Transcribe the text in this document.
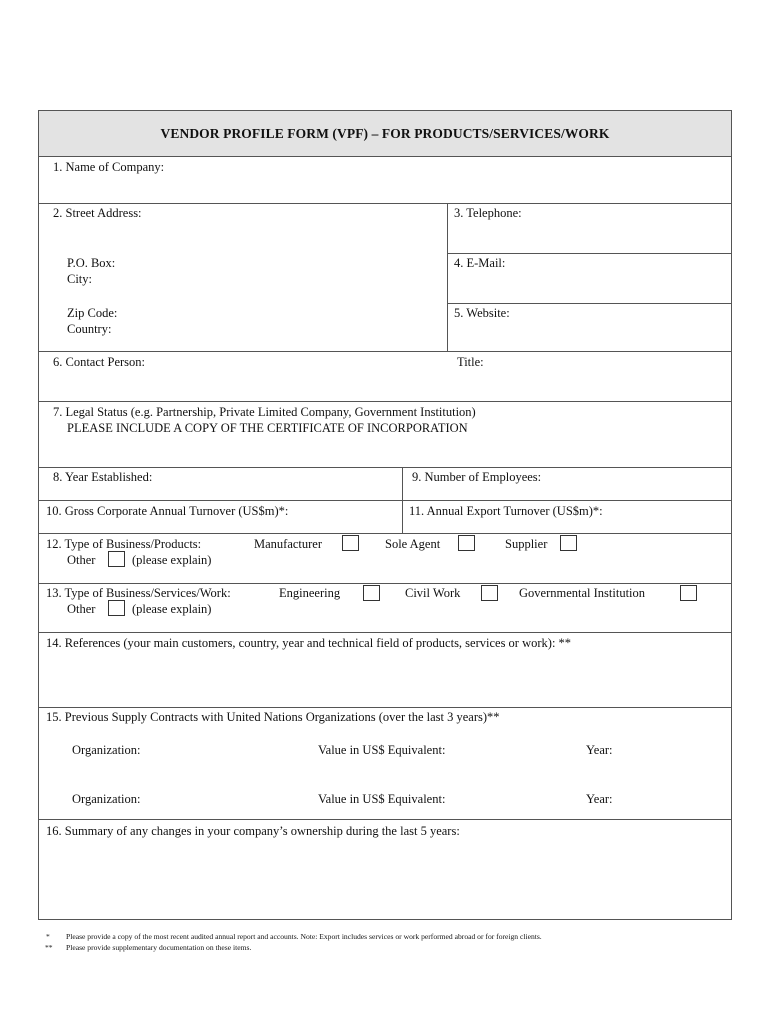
VENDOR PROFILE FORM (VPF) – FOR PRODUCTS/SERVICES/WORK
1. Name of Company:
2. Street Address:	3. Telephone:
P.O. Box:
City:
4. E-Mail:
Zip Code:
Country:
5. Website:
6. Contact Person:	Title:
7. Legal Status (e.g. Partnership, Private Limited Company, Government Institution)
PLEASE INCLUDE A COPY OF THE CERTIFICATE OF INCORPORATION
8. Year Established:	9. Number of Employees:
10. Gross Corporate Annual Turnover (US$m)*:	11. Annual Export Turnover (US$m)*:
12. Type of Business/Products:	Manufacturer	Sole Agent	Supplier
Other	(please explain)
13. Type of Business/Services/Work:	Engineering	Civil Work	Governmental Institution
Other	(please explain)
14. References (your main customers, country, year and technical field of products, services or work): **
15. Previous Supply Contracts with United Nations Organizations (over the last 3 years)**
Organization:	Value in US$ Equivalent:	Year:
Organization:	Value in US$ Equivalent:	Year:
16. Summary of any changes in your company’s ownership during the last 5 years:
* Please provide a copy of the most recent audited annual report and accounts. Note: Export includes services or work performed abroad or for foreign clients.
** Please provide supplementary documentation on these items.
